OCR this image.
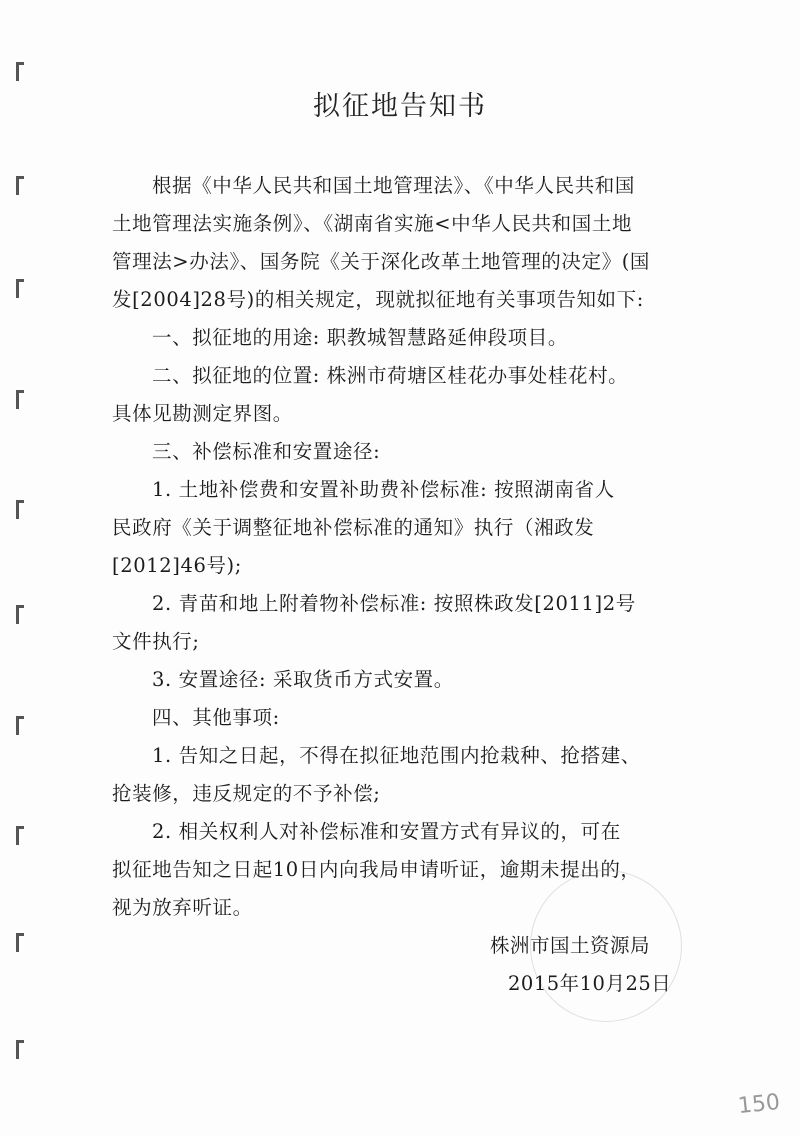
拟征地告知书
根据《中华人民共和国土地管理法》、《中华人民共和国
土地管理法实施条例》、《湖南省实施<中华人民共和国土地
管理法>办法》、国务院《关于深化改革土地管理的决定》(国
发[2004]28号)的相关规定，现就拟征地有关事项告知如下:
一、拟征地的用途: 职教城智慧路延伸段项目。
二、拟征地的位置: 株洲市荷塘区桂花办事处桂花村。
具体见勘测定界图。
三、补偿标准和安置途径:
1. 土地补偿费和安置补助费补偿标准: 按照湖南省人
民政府《关于调整征地补偿标准的通知》执行（湘政发
[2012]46号);
2. 青苗和地上附着物补偿标准: 按照株政发[2011]2号
文件执行;
3. 安置途径: 采取货币方式安置。
四、其他事项:
1. 告知之日起，不得在拟征地范围内抢栽种、抢搭建、
抢装修，违反规定的不予补偿;
2. 相关权利人对补偿标准和安置方式有异议的，可在
拟征地告知之日起10日内向我局申请听证，逾期未提出的，
视为放弃听证。
株洲市国土资源局
2015年10月25日
150
